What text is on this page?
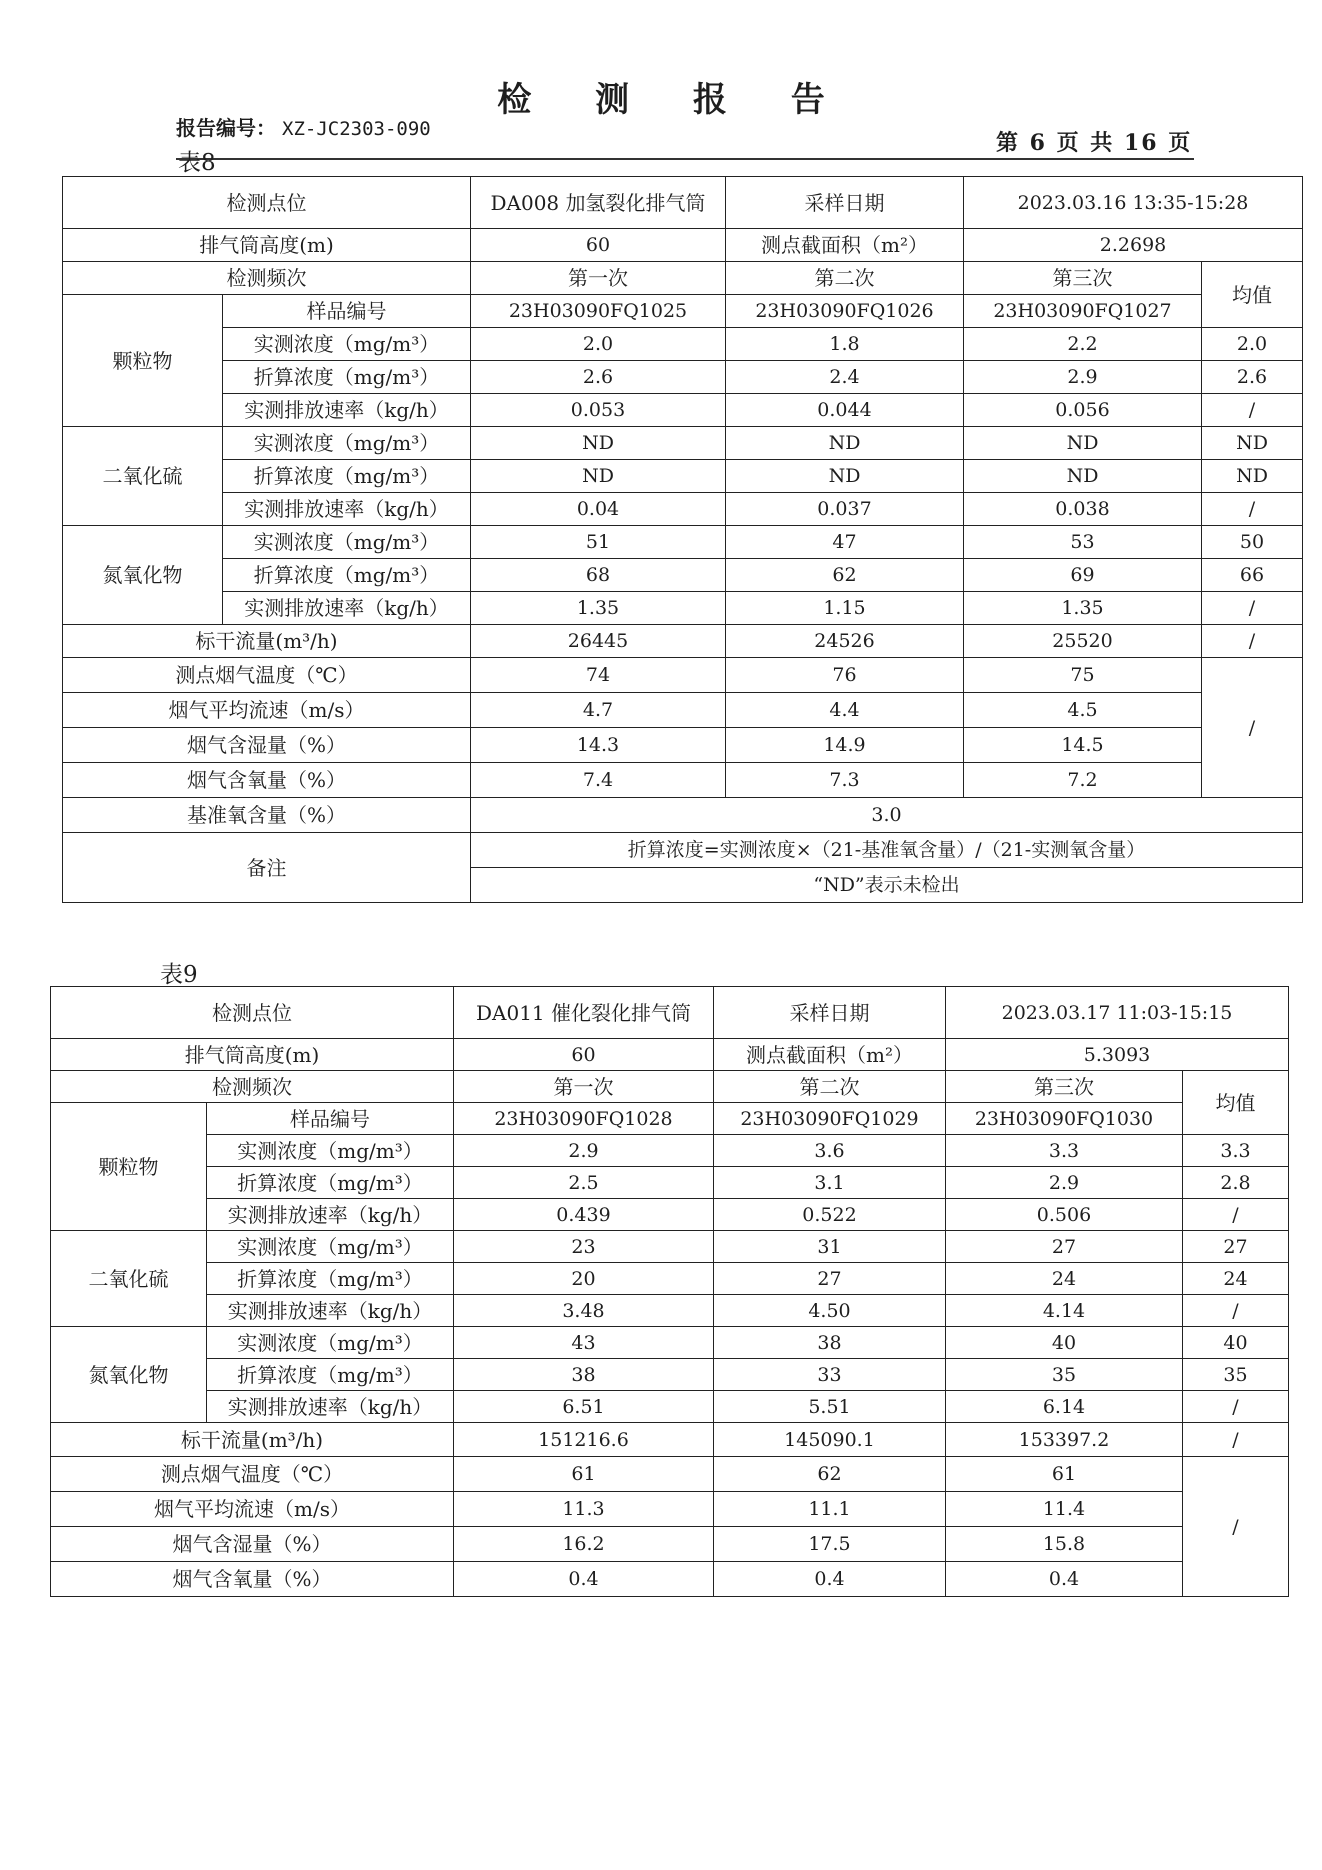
检 测 报 告
报告编号： XZ-JC2303-090
第 6 页 共 16 页
表8
检测点位		DA008 加氢裂化排气筒	采样日期	2023.03.16 13:35-15:28	
排气筒高度(m)		60	测点截面积（m²）	2.2698	
检测频次		第一次	第二次	第三次	均值
颗粒物	样品编号	23H03090FQ1025	23H03090FQ1026	23H03090FQ1027	
	实测浓度（mg/m³）	2.0	1.8	2.2	2.0
	折算浓度（mg/m³）	2.6	2.4	2.9	2.6
	实测排放速率（kg/h）	0.053	0.044	0.056	/
二氧化硫	实测浓度（mg/m³）	ND	ND	ND	ND
	折算浓度（mg/m³）	ND	ND	ND	ND
	实测排放速率（kg/h）	0.04	0.037	0.038	/
氮氧化物	实测浓度（mg/m³）	51	47	53	50
	折算浓度（mg/m³）	68	62	69	66
	实测排放速率（kg/h）	1.35	1.15	1.35	/
标干流量(m³/h)		26445	24526	25520	/
测点烟气温度（℃）		74	76	75	/
烟气平均流速（m/s）		4.7	4.4	4.5	
烟气含湿量（%）		14.3	14.9	14.5	
烟气含氧量（%）		7.4	7.3	7.2	
基准氧含量（%）		3.0			
备注		折算浓度=实测浓度×（21-基准氧含量）/（21-实测氧含量）			
		“ND”表示未检出			
表9
检测点位		DA011 催化裂化排气筒	采样日期	2023.03.17 11:03-15:15	
排气筒高度(m)		60	测点截面积（m²）	5.3093	
检测频次		第一次	第二次	第三次	均值
颗粒物	样品编号	23H03090FQ1028	23H03090FQ1029	23H03090FQ1030	
	实测浓度（mg/m³）	2.9	3.6	3.3	3.3
	折算浓度（mg/m³）	2.5	3.1	2.9	2.8
	实测排放速率（kg/h）	0.439	0.522	0.506	/
二氧化硫	实测浓度（mg/m³）	23	31	27	27
	折算浓度（mg/m³）	20	27	24	24
	实测排放速率（kg/h）	3.48	4.50	4.14	/
氮氧化物	实测浓度（mg/m³）	43	38	40	40
	折算浓度（mg/m³）	38	33	35	35
	实测排放速率（kg/h）	6.51	5.51	6.14	/
标干流量(m³/h)		151216.6	145090.1	153397.2	/
测点烟气温度（℃）		61	62	61	/
烟气平均流速（m/s）		11.3	11.1	11.4	
烟气含湿量（%）		16.2	17.5	15.8	
烟气含氧量（%）		0.4	0.4	0.4	
